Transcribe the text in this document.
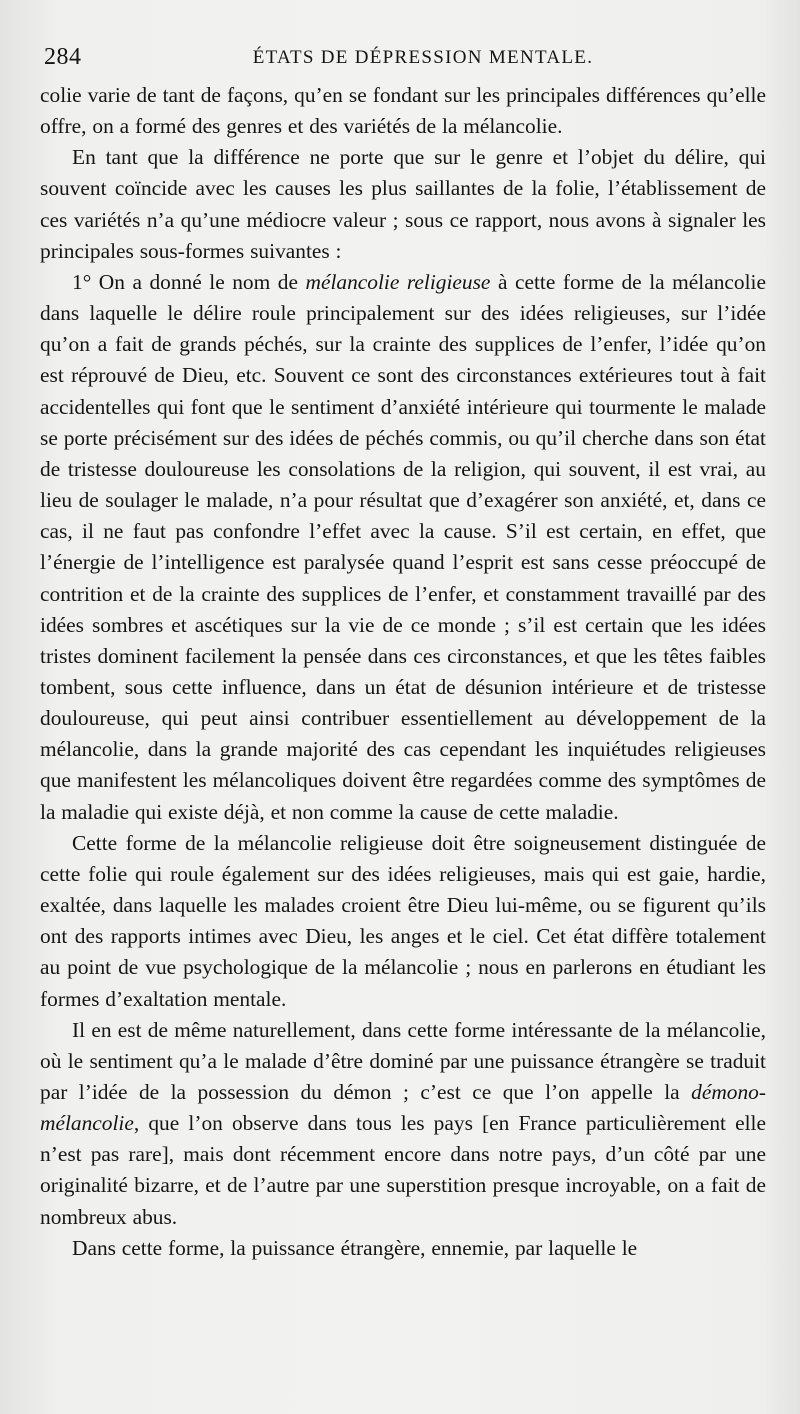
284	ÉTATS DE DÉPRESSION MENTALE.

colie varie de tant de façons, qu’en se fondant sur les principales différences qu’elle offre, on a formé des genres et des variétés de la mélancolie.

En tant que la différence ne porte que sur le genre et l’objet du délire, qui souvent coïncide avec les causes les plus saillantes de la folie, l’établissement de ces variétés n’a qu’une médiocre valeur ; sous ce rapport, nous avons à signaler les principales sous-formes suivantes :

1° On a donné le nom de mélancolie religieuse à cette forme de la mélancolie dans laquelle le délire roule principalement sur des idées religieuses, sur l’idée qu’on a fait de grands péchés, sur la crainte des supplices de l’enfer, l’idée qu’on est réprouvé de Dieu, etc. Souvent ce sont des circonstances extérieures tout à fait accidentelles qui font que le sentiment d’anxiété intérieure qui tourmente le malade se porte précisément sur des idées de péchés commis, ou qu’il cherche dans son état de tristesse douloureuse les consolations de la religion, qui souvent, il est vrai, au lieu de soulager le malade, n’a pour résultat que d’exagérer son anxiété, et, dans ce cas, il ne faut pas confondre l’effet avec la cause. S’il est certain, en effet, que l’énergie de l’intelligence est paralysée quand l’esprit est sans cesse préoccupé de contrition et de la crainte des supplices de l’enfer, et constamment travaillé par des idées sombres et ascétiques sur la vie de ce monde ; s’il est certain que les idées tristes dominent facilement la pensée dans ces circonstances, et que les têtes faibles tombent, sous cette influence, dans un état de désunion intérieure et de tristesse douloureuse, qui peut ainsi contribuer essentiellement au développement de la mélancolie, dans la grande majorité des cas cependant les inquiétudes religieuses que manifestent les mélancoliques doivent être regardées comme des symptômes de la maladie qui existe déjà, et non comme la cause de cette maladie.

Cette forme de la mélancolie religieuse doit être soigneusement distinguée de cette folie qui roule également sur des idées religieuses, mais qui est gaie, hardie, exaltée, dans laquelle les malades croient être Dieu lui-même, ou se figurent qu’ils ont des rapports intimes avec Dieu, les anges et le ciel. Cet état diffère totalement au point de vue psychologique de la mélancolie ; nous en parlerons en étudiant les formes d’exaltation mentale.

Il en est de même naturellement, dans cette forme intéressante de la mélancolie, où le sentiment qu’a le malade d’être dominé par une puissance étrangère se traduit par l’idée de la possession du démon ; c’est ce que l’on appelle la démono-mélancolie, que l’on observe dans tous les pays [en France particulièrement elle n’est pas rare], mais dont récemment encore dans notre pays, d’un côté par une originalité bizarre, et de l’autre par une superstition presque incroyable, on a fait de nombreux abus.

Dans cette forme, la puissance étrangère, ennemie, par laquelle le
